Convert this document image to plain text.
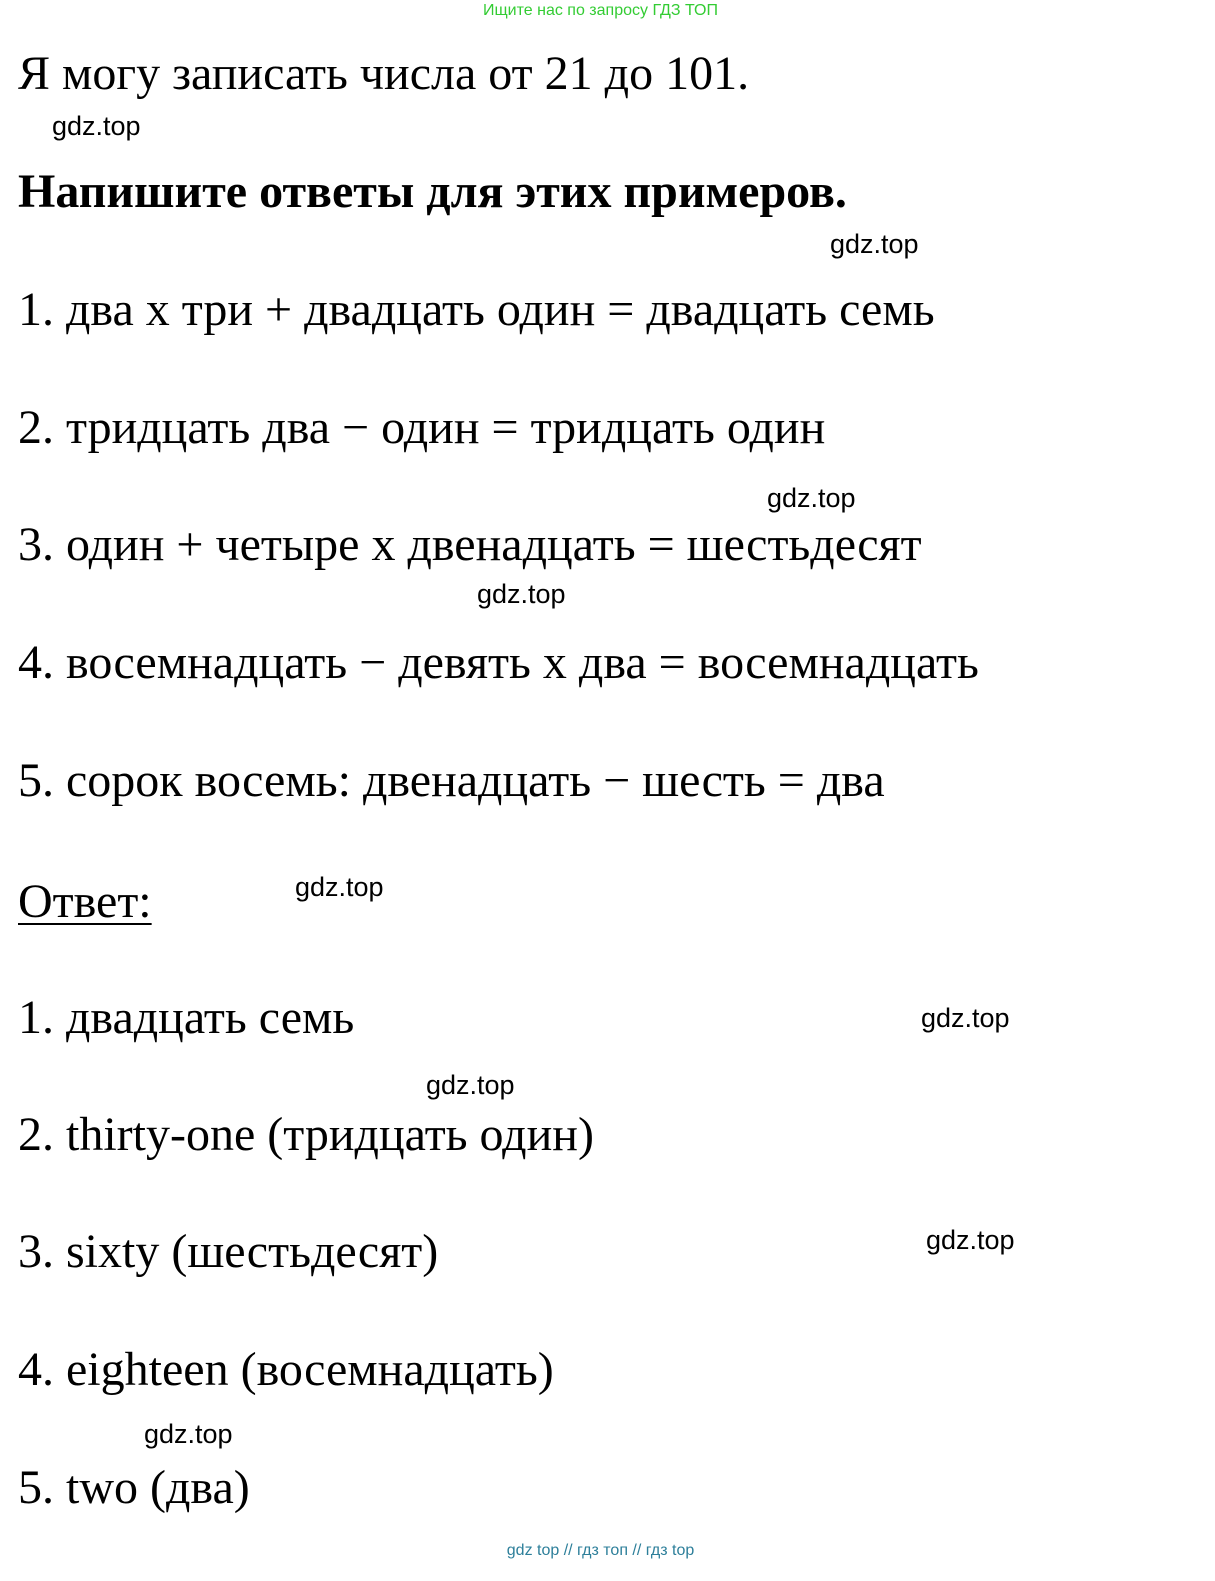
Ищите нас по запросу ГДЗ ТОП
Я могу записать числа от 21 до 101.
gdz.top
Напишите ответы для этих примеров.
gdz.top
1. два х три + двадцать один = двадцать семь
2. тридцать два − один = тридцать один
gdz.top
3. один + четыре х двенадцать = шестьдесят
gdz.top
4. восемнадцать − девять х два = восемнадцать
5. сорок восемь: двенадцать − шесть = два
Ответ:	gdz.top
1. двадцать семь	gdz.top
gdz.top
2. thirty-one (тридцать один)
3. sixty (шестьдесят)	gdz.top
4. eighteen (восемнадцать)
gdz.top
5. two (два)
gdz top // гдз топ // гдз top
